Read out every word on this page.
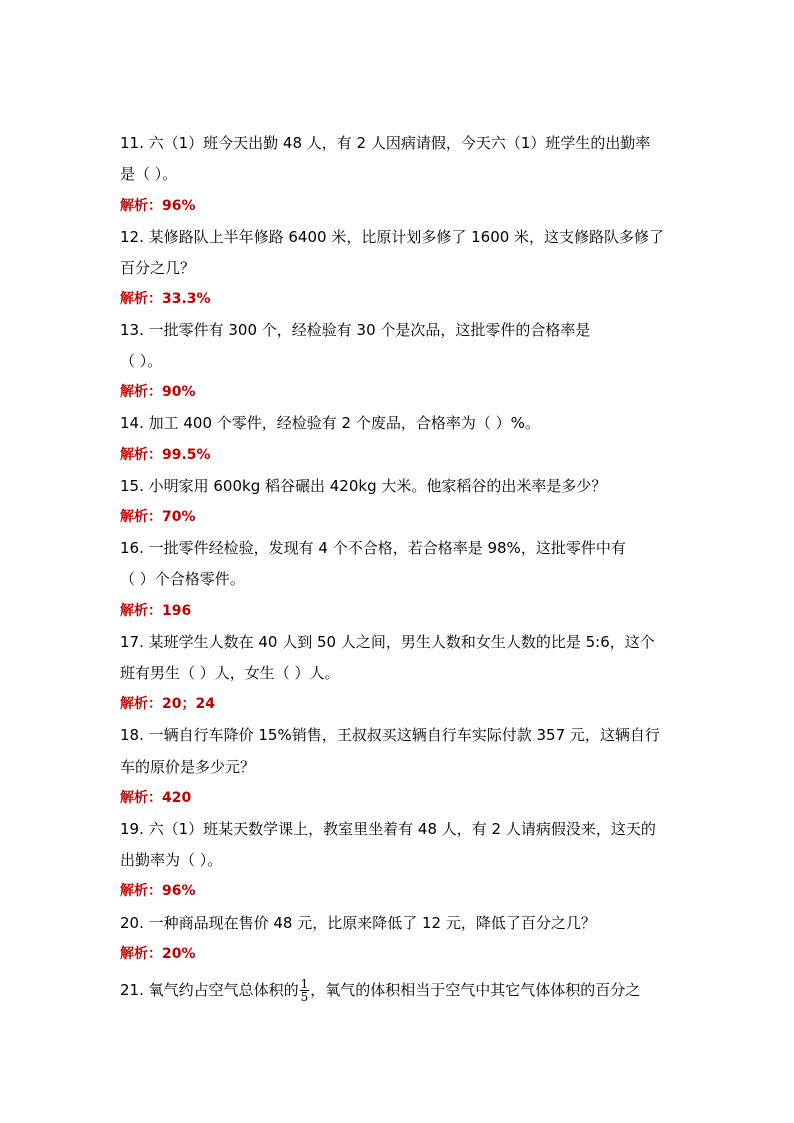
11. 六（1）班今天出勤 48 人，有 2 人因病请假，今天六（1）班学生的出勤率
是（ ）。
解析：96%
12. 某修路队上半年修路 6400 米，比原计划多修了 1600 米，这支修路队多修了
百分之几？
解析：33.3%
13. 一批零件有 300 个，经检验有 30 个是次品，这批零件的合格率是
（ ）。
解析：90%
14. 加工 400 个零件，经检验有 2 个废品，合格率为（ ）%。
解析：99.5%
15. 小明家用 600kg 稻谷碾出 420kg 大米。他家稻谷的出米率是多少？
解析：70%
16. 一批零件经检验，发现有 4 个不合格，若合格率是 98%，这批零件中有
（ ）个合格零件。
解析：196
17. 某班学生人数在 40 人到 50 人之间，男生人数和女生人数的比是 5:6，这个
班有男生（ ）人，女生（ ）人。
解析：20；24
18. 一辆自行车降价 15%销售，王叔叔买这辆自行车实际付款 357 元，这辆自行
车的原价是多少元？
解析：420
19. 六（1）班某天数学课上，教室里坐着有 48 人，有 2 人请病假没来，这天的
出勤率为（ ）。
解析：96%
20. 一种商品现在售价 48 元，比原来降低了 12 元，降低了百分之几？
解析：20%
21. 氧气约占空气总体积的 $\frac{1}{5}$ ，氧气的体积相当于空气中其它气体体积的百分之
